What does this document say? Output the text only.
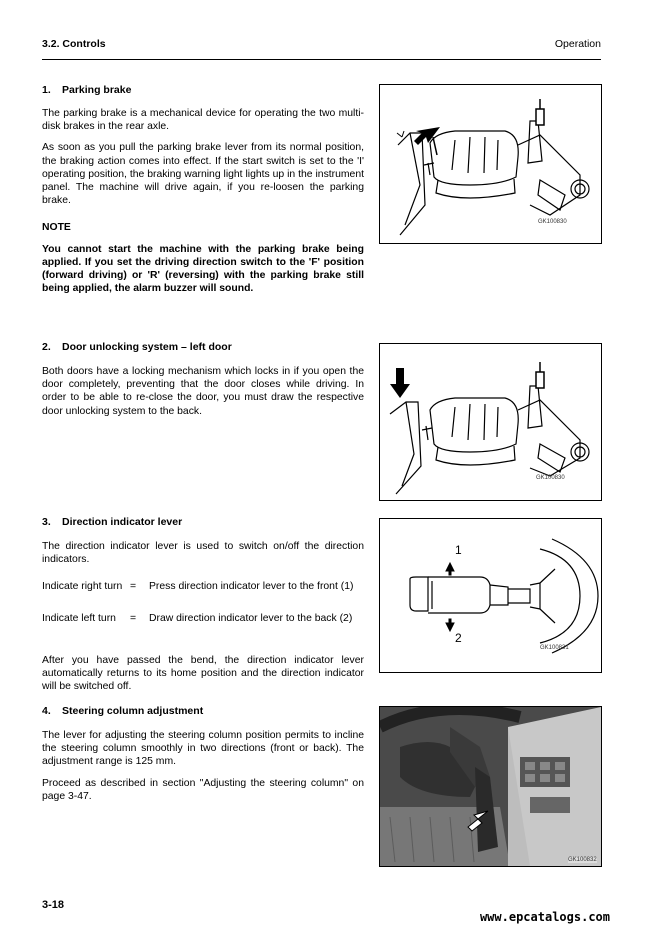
3.2. Controls	Operation
1. Parking brake

The parking brake is a mechanical device for operating the two multi-disk brakes in the rear axle.

As soon as you pull the parking brake lever from its normal position, the braking action comes into effect. If the start switch is set to the 'I' operating position, the braking warning light lights up in the instrument panel. The machine will drive again, if you re-loosen the parking brake.

NOTE

You cannot start the machine with the parking brake being applied. If you set the driving direction switch to the 'F' position (forward driving) or 'R' (reversing) with the parking brake still being applied, the alarm buzzer will sound.

GK100830
2. Door unlocking system – left door

Both doors have a locking mechanism which locks in if you open the door completely, preventing that the door closes while driving. In order to be able to re-close the door, you must draw the respective door unlocking system to the back.

GK100830
3. Direction indicator lever

The direction indicator lever is used to switch on/off the direction indicators.

Indicate right turn = Press direction indicator lever to the front (1)
Indicate left turn = Draw direction indicator lever to the back (2)

After you have passed the bend, the direction indicator lever automatically returns to its home position and the direction indicator will be switched off.

1
2
GK100831
4. Steering column adjustment

The lever for adjusting the steering column position permits to incline the steering column smoothly in two directions (front or back). The adjustment range is 125 mm.

Proceed as described in section "Adjusting the steering column" on page 3-47.

GK100832
3-18
www.epcatalogs.com
